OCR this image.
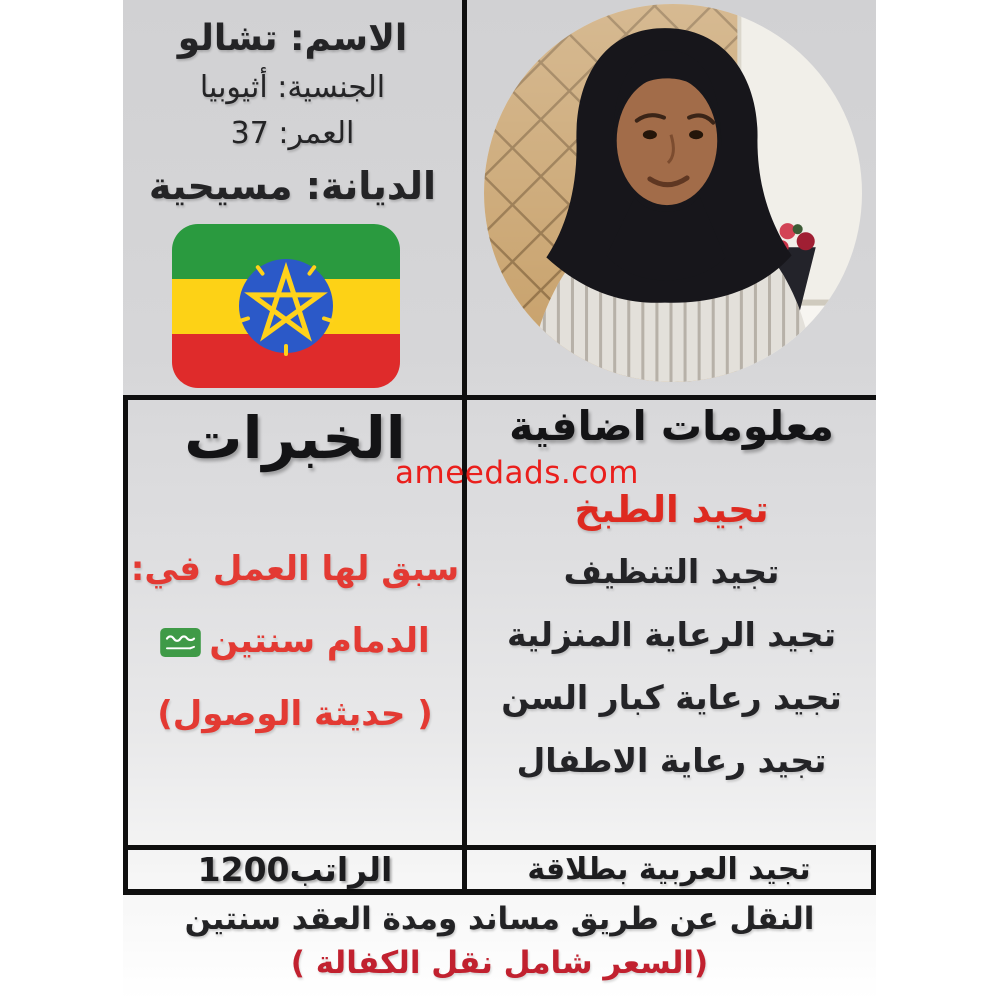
الاسم: تشالو
الجنسية: أثيوبيا
العمر: 37
الديانة: مسيحية
الخبرات
سبق لها العمل في:
الدمام سنتين
( حديثة الوصول)
معلومات اضافية
تجيد الطبخ
تجيد التنظيف
تجيد الرعاية المنزلية
تجيد رعاية كبار السن
تجيد رعاية الاطفال
ameedads.com
الراتب1200	تجيد العربية بطلاقة
النقل عن طريق مساند ومدة العقد سنتين
(السعر شامل نقل الكفالة )
